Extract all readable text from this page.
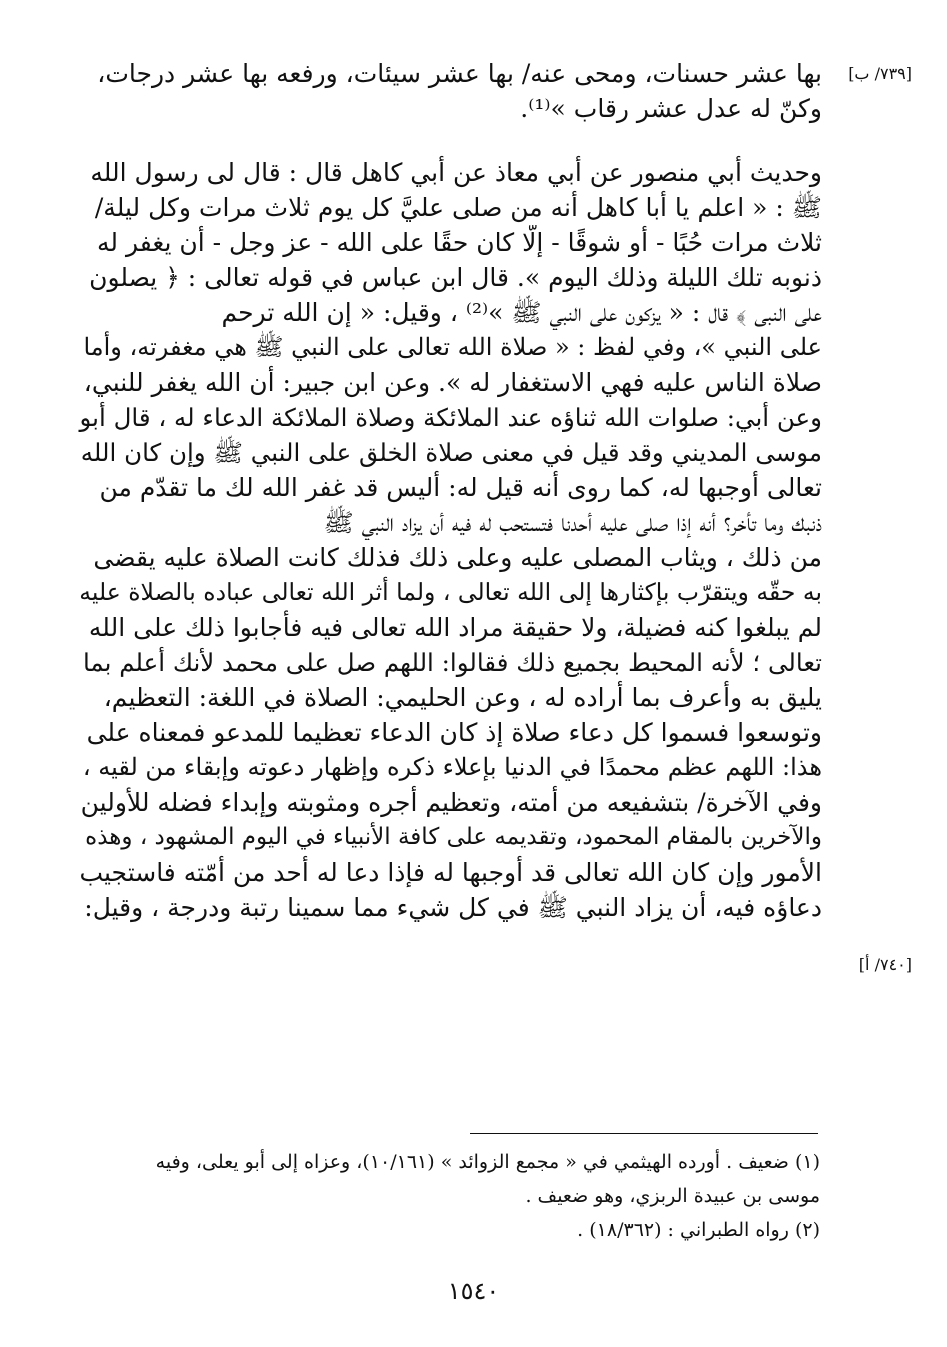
[٧٣٩/ ب]
[٧٤٠/ أ]
بها عشر حسنات، ومحى عنه/ بها عشر سيئات، ورفعه بها عشر درجات،
وكنّ له عدل عشر رقاب »⁽¹⁾.
وحديث أبي منصور عن أبي معاذ عن أبي كاهل قال : قال لى رسول الله
ﷺ : « اعلم يا أبا كاهل أنه من صلى عليَّ كل يوم ثلاث مرات وكل ليلة/
ثلاث مرات حُبًا - أو شوقًا - إلَّا كان حقًا على الله - عز وجل - أن يغفر له
ذنوبه تلك الليلة وذلك اليوم ». قال ابن عباس في قوله تعالى : ﴿ يصلون
على النبى ﴾ قال : « يزكون على النبي ﷺ »⁽²⁾ ، وقيل: « إن الله ترحم
على النبي »، وفي لفظ : « صلاة الله تعالى على النبي ﷺ هي مغفرته، وأما
صلاة الناس عليه فهي الاستغفار له ». وعن ابن جبير: أن الله يغفر للنبي،
وعن أبي: صلوات الله ثناؤه عند الملائكة وصلاة الملائكة الدعاء له ، قال أبو
موسى المديني وقد قيل في معنى صلاة الخلق على النبي ﷺ وإن كان الله
تعالى أوجبها له، كما روى أنه قيل له: أليس قد غفر الله لك ما تقدّم من
ذنبك وما تأخر؟ أنه إذا صلى عليه أحدنا فتستحب له فيه أن يزاد النبي ﷺ
من ذلك ، ويثاب المصلى عليه وعلى ذلك فذلك كانت الصلاة عليه يقضى
به حقّه ويتقرّب بإكثارها إلى الله تعالى ، ولما أثر الله تعالى عباده بالصلاة عليه
لم يبلغوا كنه فضيلة، ولا حقيقة مراد الله تعالى فيه فأجابوا ذلك على الله
تعالى ؛ لأنه المحيط بجميع ذلك فقالوا: اللهم صل على محمد لأنك أعلم بما
يليق به وأعرف بما أراده له ، وعن الحليمي: الصلاة في اللغة: التعظيم،
وتوسعوا فسموا كل دعاء صلاة إذ كان الدعاء تعظيما للمدعو فمعناه على
هذا: اللهم عظم محمدًا في الدنيا بإعلاء ذكره وإظهار دعوته وإبقاء من لقيه ،
وفي الآخرة/ بتشفيعه من أمته، وتعظيم أجره ومثوبته وإبداء فضله للأولين
والآخرين بالمقام المحمود، وتقديمه على كافة الأنبياء في اليوم المشهود ، وهذه
الأمور وإن كان الله تعالى قد أوجبها له فإذا دعا له أحد من أمّته فاستجيب
دعاؤه فيه، أن يزاد النبي ﷺ في كل شيء مما سمينا رتبة ودرجة ، وقيل:
(١) ضعيف . أورده الهيثمي في « مجمع الزوائد » (١٠/١٦١)، وعزاه إلى أبو يعلى، وفيه
موسى بن عبيدة الربزي، وهو ضعيف .
(٢) رواه الطبراني : (١٨/٣٦٢) .
١٥٤٠
